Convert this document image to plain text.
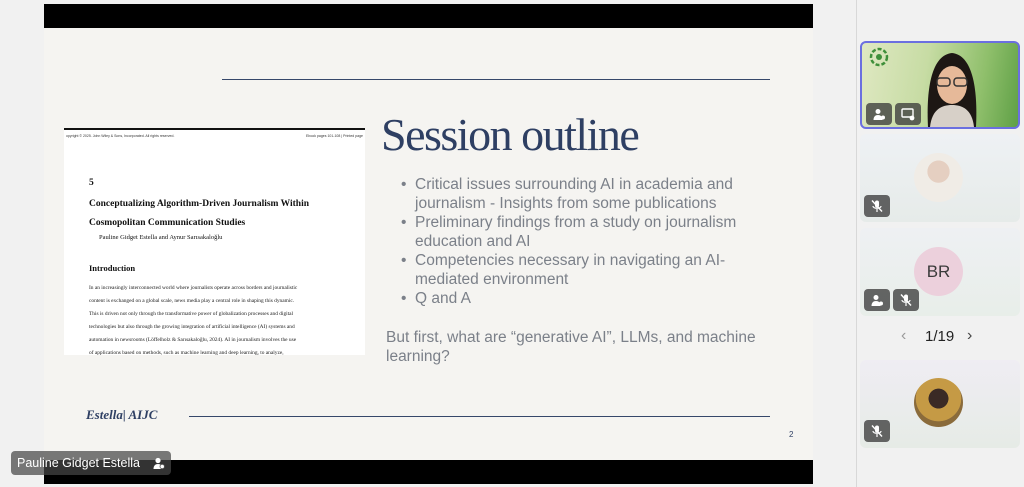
opyright © 2025. John Wiley & Sons, Incorporated. All rights reserved.	Ebook pages 101-108 | Printed page
5
Conceptualizing Algorithm-Driven Journalism Within Cosmopolitan Communication Studies
Pauline Gidget Estella and Aynur Sarısakaloğlu
Introduction
In an increasingly interconnected world where journalists operate across borders and journalistic
content is exchanged on a global scale, news media play a central role in shaping this dynamic.
This is driven not only through the transformative power of globalization processes and digital
technologies but also through the growing integration of artificial intelligence (AI) systems and
automation in newsrooms (Löffelholz & Sarısakaloğlu, 2024). AI in journalism involves the use
of applications based on methods, such as machine learning and deep learning, to analyze,
Session outline
• Critical issues surrounding AI in academia and journalism - Insights from some publications
• Preliminary findings from a study on journalism education and AI
• Competencies necessary in navigating an AI-mediated environment
• Q and A
But first, what are “generative AI”, LLMs, and machine learning?
Estella| AIJC
2
Pauline Gidget Estella
BR
‹ 1/19 ›
